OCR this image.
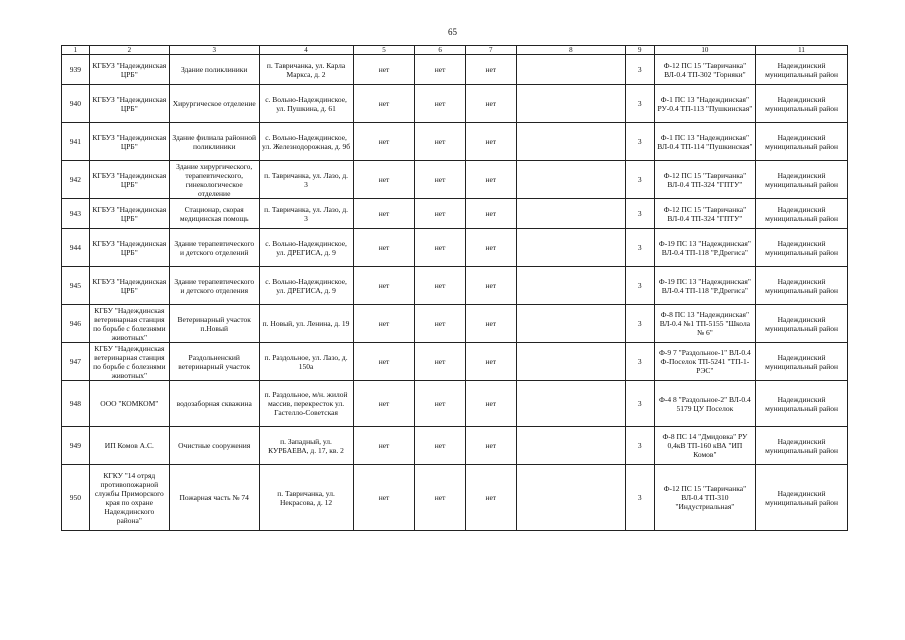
65
1	2	3	4	5	6	7	8	9	10	11
939	КГБУЗ "Надеждинская ЦРБ"	Здание поликлиники	п. Тавричанка, ул. Карла Маркса, д. 2	нет	нет	нет		3	Ф-12 ПС 15 "Тавричанка" ВЛ-0.4 ТП-302 "Горняки"	Надеждинский муниципальный район
940	КГБУЗ "Надеждинская ЦРБ"	Хирургическое отделение	с. Вольно-Надеждинское, ул. Пушкина, д. 61	нет	нет	нет		3	Ф-1 ПС 13 "Надеждинская" РУ-0.4 ТП-113 "Пушкинская"	Надеждинский муниципальный район
941	КГБУЗ "Надеждинская ЦРБ"	Здание филиала районной поликлиники	с. Вольно-Надеждинское, ул. Железнодорожная, д. 9б	нет	нет	нет		3	Ф-1 ПС 13 "Надеждинская" ВЛ-0.4 ТП-114 "Пушкинская"	Надеждинский муниципальный район
942	КГБУЗ "Надеждинская ЦРБ"	Здание хирургического, терапевтического, гинекологическое отделение	п. Тавричанка, ул. Лазо, д. 3	нет	нет	нет		3	Ф-12 ПС 15 "Тавричанка" ВЛ-0.4 ТП-324 "ГПТУ"	Надеждинский муниципальный район
943	КГБУЗ "Надеждинская ЦРБ"	Стационар, скорая медицинская помощь	п. Тавричанка, ул. Лазо, д. 3	нет	нет	нет		3	Ф-12 ПС 15 "Тавричанка" ВЛ-0.4 ТП-324 "ГПТУ"	Надеждинский муниципальный район
944	КГБУЗ "Надеждинская ЦРБ"	Здание терапевтического и детского отделений	с. Вольно-Надеждинское, ул. ДРЕГИСА, д. 9	нет	нет	нет		3	Ф-19 ПС 13 "Надеждинская" ВЛ-0.4 ТП-118 "Р.Дрегиса"	Надеждинский муниципальный район
945	КГБУЗ "Надеждинская ЦРБ"	Здание терапевтического и детского отделения	с. Вольно-Надеждинское, ул. ДРЕГИСА, д. 9	нет	нет	нет		3	Ф-19 ПС 13 "Надеждинская" ВЛ-0.4 ТП-118 "Р.Дрегиса"	Надеждинский муниципальный район
946	КГБУ "Надеждинская ветеринарная станция по борьбе с болезнями животных"	Ветеринарный участок п.Новый	п. Новый, ул. Ленина, д. 19	нет	нет	нет		3	Ф-8 ПС 13 "Надеждинская" ВЛ-0.4 №1 ТП-5155 "Школа № 6"	Надеждинский муниципальный район
947	КГБУ "Надеждинская ветеринарная станция по борьбе с болезнями животных"	Раздольненский ветеринарный участок	п. Раздольное, ул. Лазо, д. 150а	нет	нет	нет		3	Ф-9 7 "Раздольное-1" ВЛ-0.4 Ф-Поселок ТП-5241 "ТП-1- РЭС"	Надеждинский муниципальный район
948	ООО "КОМКОМ"	водозаборная скважина	п. Раздольное, м/н. жилой массив, перекресток ул. Гастелло-Советская	нет	нет	нет		3	Ф-4 8 "Раздольное-2" ВЛ-0.4 5179 ЦУ Поселок	Надеждинский муниципальный район
949	ИП Комов А.С.	Очистные сооружения	п. Западный, ул. КУРБАЕВА, д. 17, кв. 2	нет	нет	нет		3	Ф-8 ПС 14 "Дмидовка" РУ 0,4кВ ТП-160 кВА "ИП Комов"	Надеждинский муниципальный район
950	КГКУ "14 отряд противопожарной службы Приморского края по охране Надеждинского района"	Пожарная часть № 74	п. Тавричанка, ул. Некрасова, д. 12	нет	нет	нет		3	Ф-12 ПС 15 "Тавричанка" ВЛ-0.4 ТП-310 "Индустриальная"	Надеждинский муниципальный район
